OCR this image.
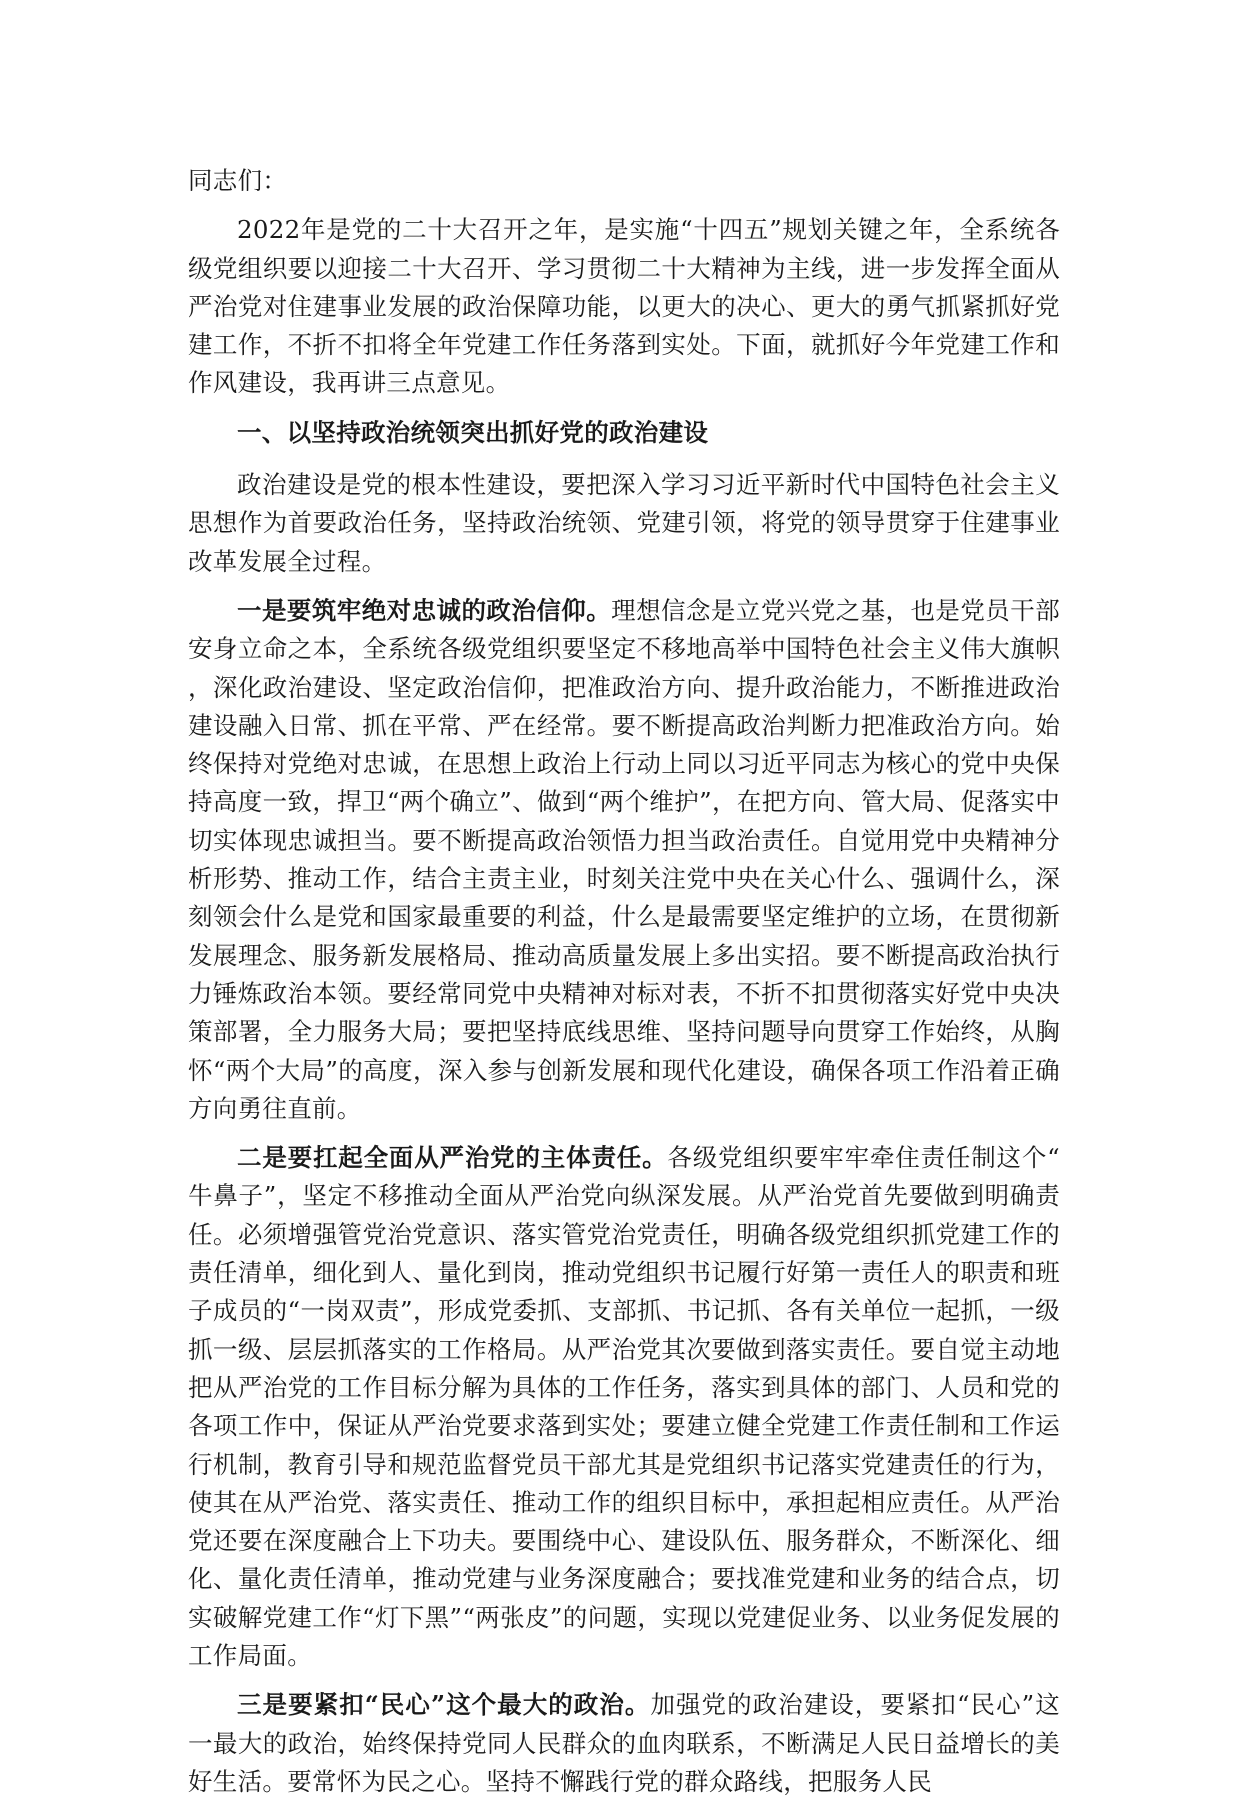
同志们：

2022年是党的二十大召开之年，是实施“十四五”规划关键之年，全系统各级党组织要以迎接二十大召开、学习贯彻二十大精神为主线，进一步发挥全面从严治党对住建事业发展的政治保障功能，以更大的决心、更大的勇气抓紧抓好党建工作，不折不扣将全年党建工作任务落到实处。下面，就抓好今年党建工作和作风建设，我再讲三点意见。

一、以坚持政治统领突出抓好党的政治建设

政治建设是党的根本性建设，要把深入学习习近平新时代中国特色社会主义思想作为首要政治任务，坚持政治统领、党建引领，将党的领导贯穿于住建事业改革发展全过程。

一是要筑牢绝对忠诚的政治信仰。理想信念是立党兴党之基，也是党员干部安身立命之本，全系统各级党组织要坚定不移地高举中国特色社会主义伟大旗帜，深化政治建设、坚定政治信仰，把准政治方向、提升政治能力，不断推进政治建设融入日常、抓在平常、严在经常。要不断提高政治判断力把准政治方向。始终保持对党绝对忠诚，在思想上政治上行动上同以习近平同志为核心的党中央保持高度一致，捍卫“两个确立”、做到“两个维护”，在把方向、管大局、促落实中切实体现忠诚担当。要不断提高政治领悟力担当政治责任。自觉用党中央精神分析形势、推动工作，结合主责主业，时刻关注党中央在关心什么、强调什么，深刻领会什么是党和国家最重要的利益，什么是最需要坚定维护的立场，在贯彻新发展理念、服务新发展格局、推动高质量发展上多出实招。要不断提高政治执行力锤炼政治本领。要经常同党中央精神对标对表，不折不扣贯彻落实好党中央决策部署，全力服务大局；要把坚持底线思维、坚持问题导向贯穿工作始终，从胸怀“两个大局”的高度，深入参与创新发展和现代化建设，确保各项工作沿着正确方向勇往直前。

二是要扛起全面从严治党的主体责任。各级党组织要牢牢牵住责任制这个“牛鼻子”，坚定不移推动全面从严治党向纵深发展。从严治党首先要做到明确责任。必须增强管党治党意识、落实管党治党责任，明确各级党组织抓党建工作的责任清单，细化到人、量化到岗，推动党组织书记履行好第一责任人的职责和班子成员的“一岗双责”，形成党委抓、支部抓、书记抓、各有关单位一起抓，一级抓一级、层层抓落实的工作格局。从严治党其次要做到落实责任。要自觉主动地把从严治党的工作目标分解为具体的工作任务，落实到具体的部门、人员和党的各项工作中，保证从严治党要求落到实处；要建立健全党建工作责任制和工作运行机制，教育引导和规范监督党员干部尤其是党组织书记落实党建责任的行为，使其在从严治党、落实责任、推动工作的组织目标中，承担起相应责任。从严治党还要在深度融合上下功夫。要围绕中心、建设队伍、服务群众，不断深化、细化、量化责任清单，推动党建与业务深度融合；要找准党建和业务的结合点，切实破解党建工作“灯下黑”“两张皮”的问题，实现以党建促业务、以业务促发展的工作局面。

三是要紧扣“民心”这个最大的政治。加强党的政治建设，要紧扣“民心”这一最大的政治，始终保持党同人民群众的血肉联系，不断满足人民日益增长的美好生活。要常怀为民之心。坚持不懈践行党的群众路线，把服务人民
